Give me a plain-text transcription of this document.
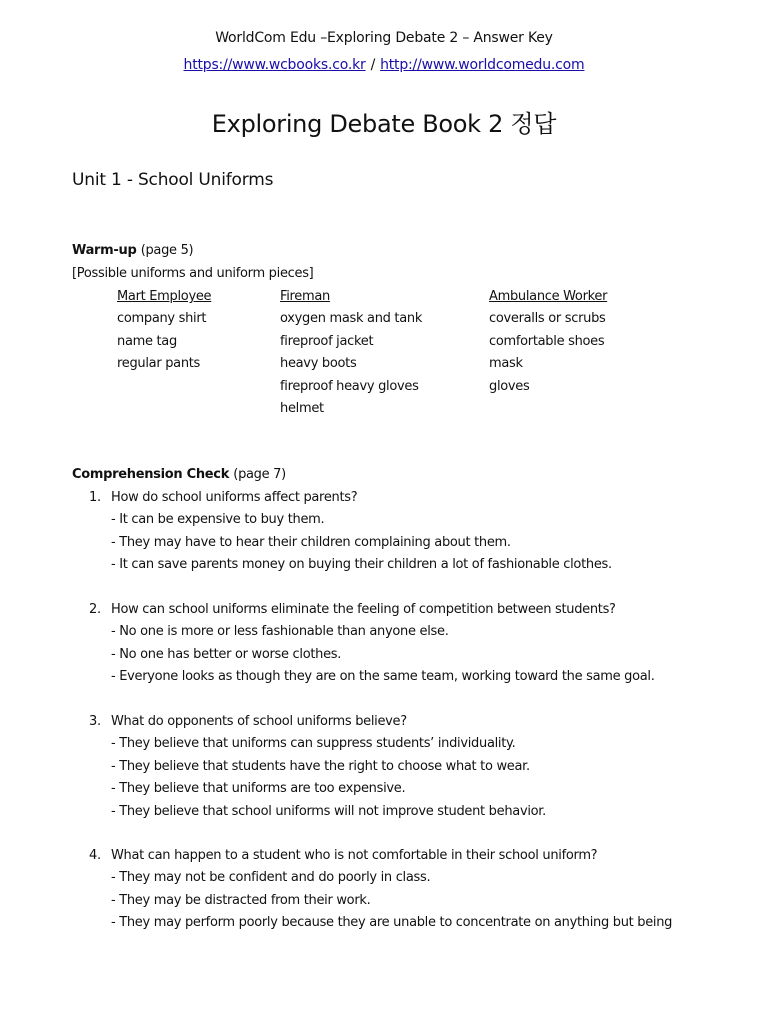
WorldCom Edu –Exploring Debate 2 – Answer Key
https://www.wcbooks.co.kr / http://www.worldcomedu.com
Exploring Debate Book 2 정답
Unit 1 - School Uniforms
Warm-up (page 5)
[Possible uniforms and uniform pieces]
Mart Employee
company shirt
name tag
regular pants
Fireman
oxygen mask and tank
fireproof jacket
heavy boots
fireproof heavy gloves
helmet
Ambulance Worker
coveralls or scrubs
comfortable shoes
mask
gloves
Comprehension Check (page 7)
1. How do school uniforms affect parents?
- It can be expensive to buy them.
- They may have to hear their children complaining about them.
- It can save parents money on buying their children a lot of fashionable clothes.
2. How can school uniforms eliminate the feeling of competition between students?
- No one is more or less fashionable than anyone else.
- No one has better or worse clothes.
- Everyone looks as though they are on the same team, working toward the same goal.
3. What do opponents of school uniforms believe?
- They believe that uniforms can suppress students’ individuality.
- They believe that students have the right to choose what to wear.
- They believe that uniforms are too expensive.
- They believe that school uniforms will not improve student behavior.
4. What can happen to a student who is not comfortable in their school uniform?
- They may not be confident and do poorly in class.
- They may be distracted from their work.
- They may perform poorly because they are unable to concentrate on anything but being
